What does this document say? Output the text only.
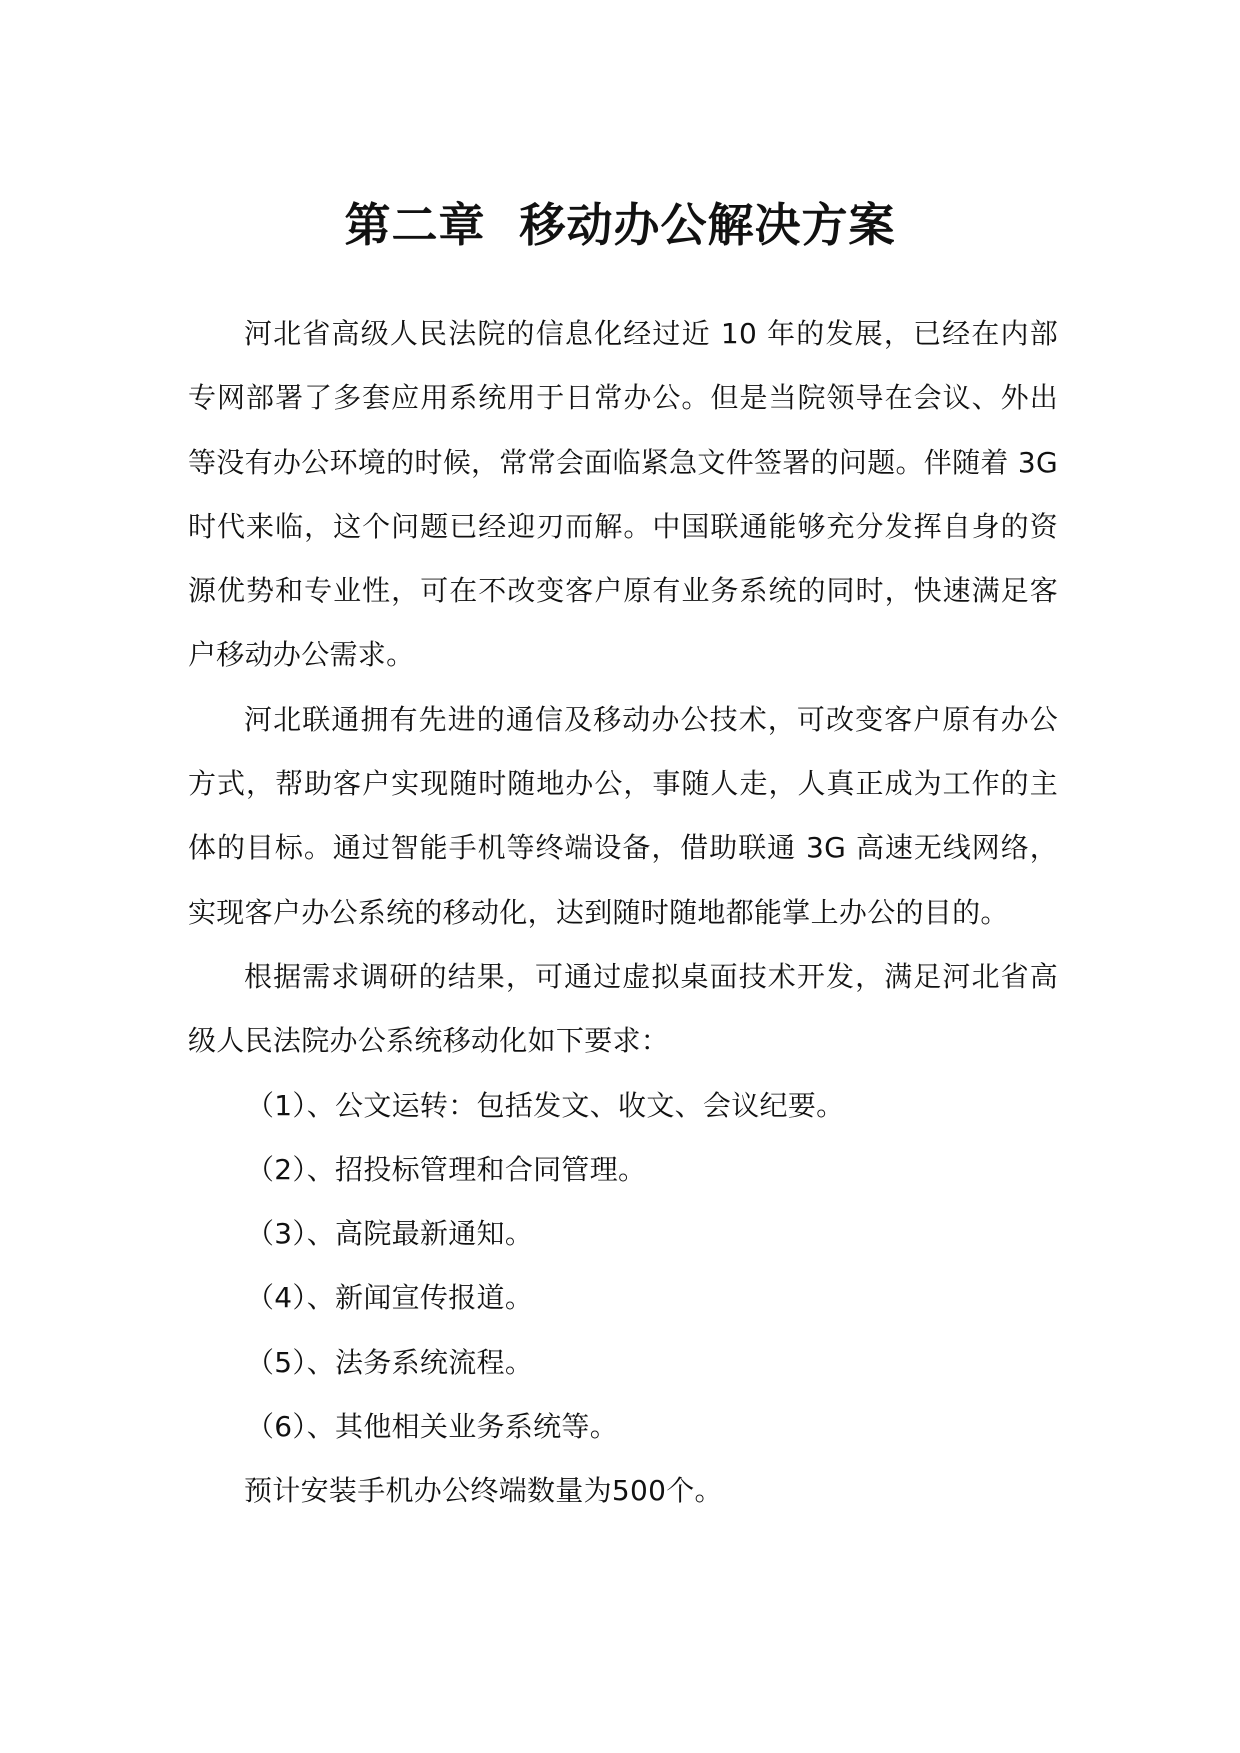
第二章  移动办公解决方案

河北省高级人民法院的信息化经过近 10 年的发展，已经在内部专网部署了多套应用系统用于日常办公。但是当院领导在会议、外出等没有办公环境的时候，常常会面临紧急文件签署的问题。伴随着 3G 时代来临，这个问题已经迎刃而解。中国联通能够充分发挥自身的资源优势和专业性，可在不改变客户原有业务系统的同时，快速满足客户移动办公需求。

河北联通拥有先进的通信及移动办公技术，可改变客户原有办公方式，帮助客户实现随时随地办公，事随人走，人真正成为工作的主体的目标。通过智能手机等终端设备，借助联通 3G 高速无线网络，实现客户办公系统的移动化，达到随时随地都能掌上办公的目的。

根据需求调研的结果，可通过虚拟桌面技术开发，满足河北省高级人民法院办公系统移动化如下要求：

（1）、公文运转：包括发文、收文、会议纪要。

（2）、招投标管理和合同管理。

（3）、高院最新通知。

（4）、新闻宣传报道。

（5）、法务系统流程。

（6）、其他相关业务系统等。

预计安装手机办公终端数量为500个。
